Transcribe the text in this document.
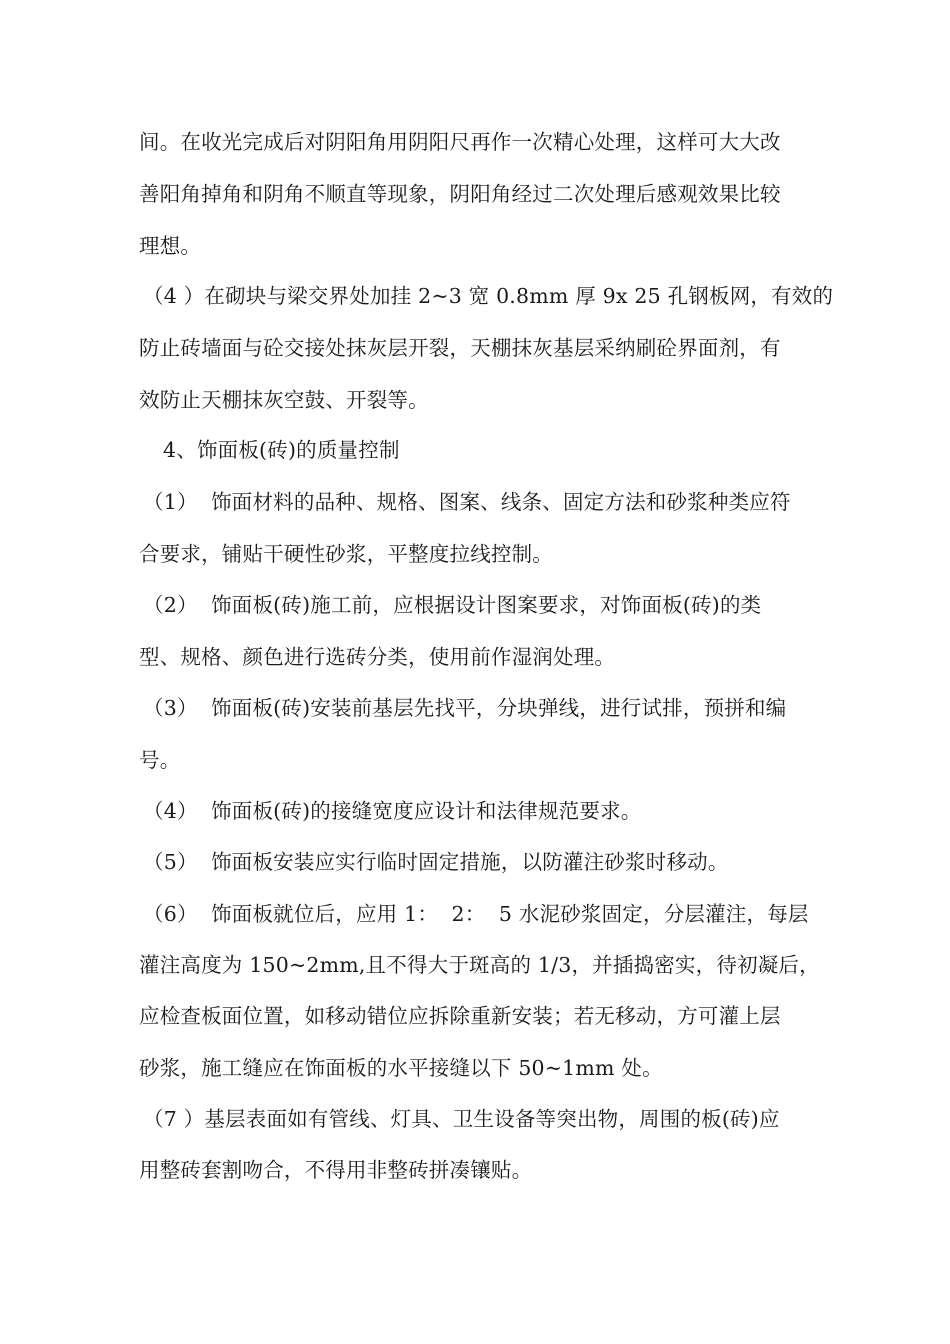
间。在收光完成后对阴阳角用阴阳尺再作一次精心处理，这样可大大改
善阳角掉角和阴角不顺直等现象，阴阳角经过二次处理后感观效果比较
理想。
（4 ）在砌块与梁交界处加挂 2~3 宽 0.8mm 厚 9x 25 孔钢板网，有效的
防止砖墙面与砼交接处抹灰层开裂，天棚抹灰基层采纳刷砼界面剂，有
效防止天棚抹灰空鼓、开裂等。
4、饰面板(砖)的质量控制
（1）  饰面材料的品种、规格、图案、线条、固定方法和砂浆种类应符
合要求，铺贴干硬性砂浆，平整度拉线控制。
（2）  饰面板(砖)施工前，应根据设计图案要求，对饰面板(砖)的类
型、规格、颜色进行选砖分类，使用前作湿润处理。
（3）  饰面板(砖)安装前基层先找平，分块弹线，进行试排，预拼和编
号。
（4）  饰面板(砖)的接缝宽度应设计和法律规范要求。
（5）  饰面板安装应实行临时固定措施，以防灌注砂浆时移动。
（6）  饰面板就位后，应用 1：  2：  5 水泥砂浆固定，分层灌注，每层
灌注高度为 150~2mm,且不得大于斑高的 1/3，并插捣密实，待初凝后，
应检查板面位置，如移动错位应拆除重新安装；若无移动，方可灌上层
砂浆，施工缝应在饰面板的水平接缝以下 50~1mm 处。
（7 ）基层表面如有管线、灯具、卫生设备等突出物，周围的板(砖)应
用整砖套割吻合，不得用非整砖拼凑镶贴。
